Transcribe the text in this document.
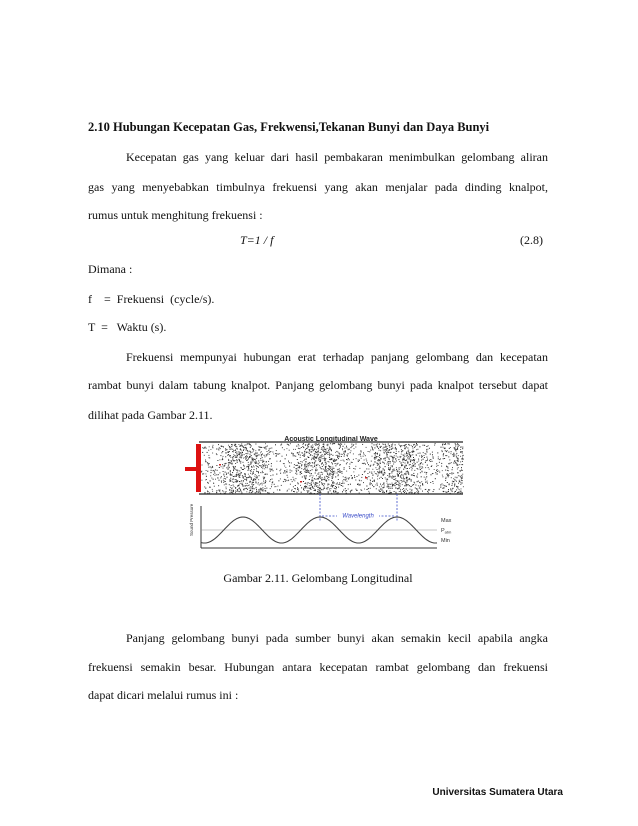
2.10 Hubungan Kecepatan Gas, Frekwensi,Tekanan Bunyi dan Daya Bunyi
Kecepatan gas yang keluar dari hasil pembakaran menimbulkan gelombang aliran
gas yang menyebabkan timbulnya frekuensi yang akan menjalar pada dinding knalpot,
rumus untuk menghitung frekuensi :
T=1 / f	(2.8)
Dimana :
f    =  Frekuensi  (cycle/s).
T  =   Waktu (s).
Frekuensi mempunyai hubungan erat terhadap panjang gelombang dan kecepatan
rambat bunyi dalam tabung knalpot. Panjang gelombang bunyi pada knalpot tersebut dapat
dilihat pada Gambar 2.11.
Acoustic Longitudinal Wave
Wavelength
Sound Pressure	Max
$P_{atm}$
Min
Gambar 2.11. Gelombang Longitudinal
Panjang gelombang bunyi pada sumber bunyi akan semakin kecil apabila angka
frekuensi semakin besar. Hubungan antara kecepatan rambat gelombang dan frekuensi
dapat dicari melalui rumus ini :
Universitas Sumatera Utara
